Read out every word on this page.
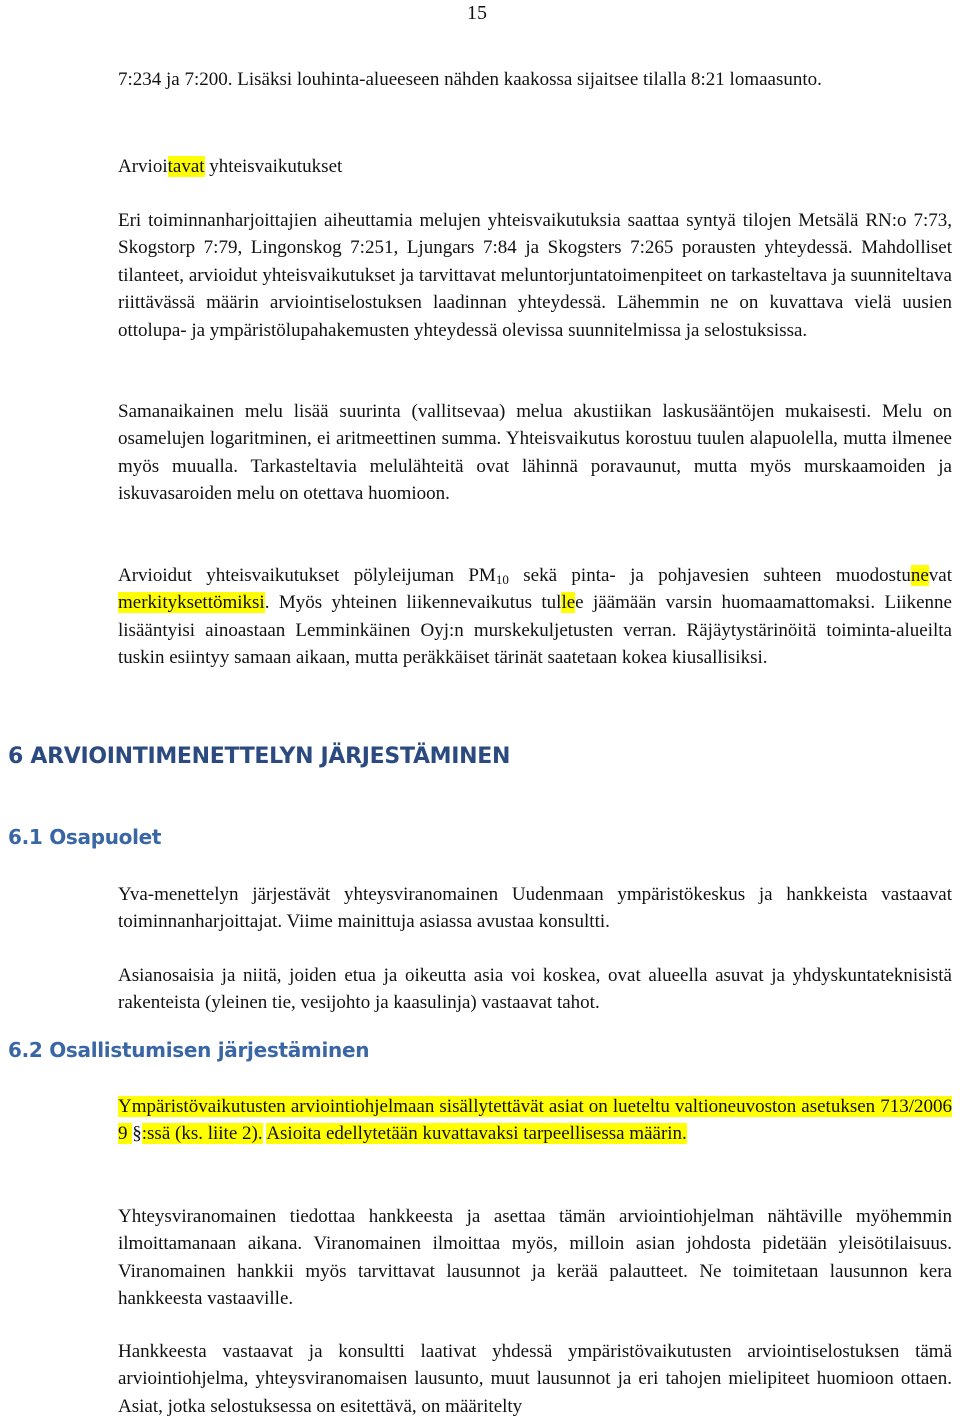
15

7:234 ja 7:200. Lisäksi louhinta-alueeseen nähden kaakossa sijaitsee tilalla 8:21 lomaasunto.

Arvioitavat yhteisvaikutukset

Eri toiminnanharjoittajien aiheuttamia melujen yhteisvaikutuksia saattaa syntyä tilojen Metsälä RN:o 7:73, Skogstorp 7:79, Lingonskog 7:251, Ljungars 7:84 ja Skogsters 7:265 porausten yhteydessä. Mahdolliset tilanteet, arvioidut yhteisvaikutukset ja tarvittavat meluntorjuntatoimenpiteet on tarkasteltava ja suunniteltava riittävässä määrin arviointiselostuksen laadinnan yhteydessä. Lähemmin ne on kuvattava vielä uusien ottolupa- ja ympäristölupahakemusten yhteydessä olevissa suunnitelmissa ja selostuksissa.

Samanaikainen melu lisää suurinta (vallitsevaa) melua akustiikan laskusääntöjen mukaisesti. Melu on osamelujen logaritminen, ei aritmeettinen summa. Yhteisvaikutus korostuu tuulen alapuolella, mutta ilmenee myös muualla. Tarkasteltavia melulähteitä ovat lähinnä poravaunut, mutta myös murskaamoiden ja iskuvasaroiden melu on otettava huomioon.

Arvioidut yhteisvaikutukset pölyleijuman $PM_{10}$ sekä pinta- ja pohjavesien suhteen muodostunevat merkityksettömiksi. Myös yhteinen liikennevaikutus tullee jäämään varsin huomaamattomaksi. Liikenne lisääntyisi ainoastaan Lemminkäinen Oyj:n murskekuljetusten verran. Räjäytystärinöitä toiminta-alueilta tuskin esiintyy samaan aikaan, mutta peräkkäiset tärinät saatetaan kokea kiusallisiksi.

6 ARVIOINTIMENETTELYN JÄRJESTÄMINEN
6.1 Osapuolet

Yva-menettelyn järjestävät yhteysviranomainen Uudenmaan ympäristökeskus ja hankkeista vastaavat toiminnanharjoittajat. Viime mainittuja asiassa avustaa konsultti.

Asianosaisia ja niitä, joiden etua ja oikeutta asia voi koskea, ovat alueella asuvat ja yhdyskuntateknisistä rakenteista (yleinen tie, vesijohto ja kaasulinja) vastaavat tahot.

6.2 Osallistumisen järjestäminen

Ympäristövaikutusten arviointiohjelmaan sisällytettävät asiat on lueteltu valtioneuvoston asetuksen 713/2006 9 §:ssä (ks. liite 2). Asioita edellytetään kuvattavaksi tarpeellisessa määrin.

Yhteysviranomainen tiedottaa hankkeesta ja asettaa tämän arviointiohjelman nähtäville myöhemmin ilmoittamanaan aikana. Viranomainen ilmoittaa myös, milloin asian johdosta pidetään yleisötilaisuus. Viranomainen hankkii myös tarvittavat lausunnot ja kerää palautteet. Ne toimitetaan lausunnon kera hankkeesta vastaaville.

Hankkeesta vastaavat ja konsultti laativat yhdessä ympäristövaikutusten arviointiselostuksen tämä arviointiohjelma, yhteysviranomaisen lausunto, muut lausunnot ja eri tahojen mielipiteet huomioon ottaen. Asiat, jotka selostuksessa on esitettävä, on määritelty
